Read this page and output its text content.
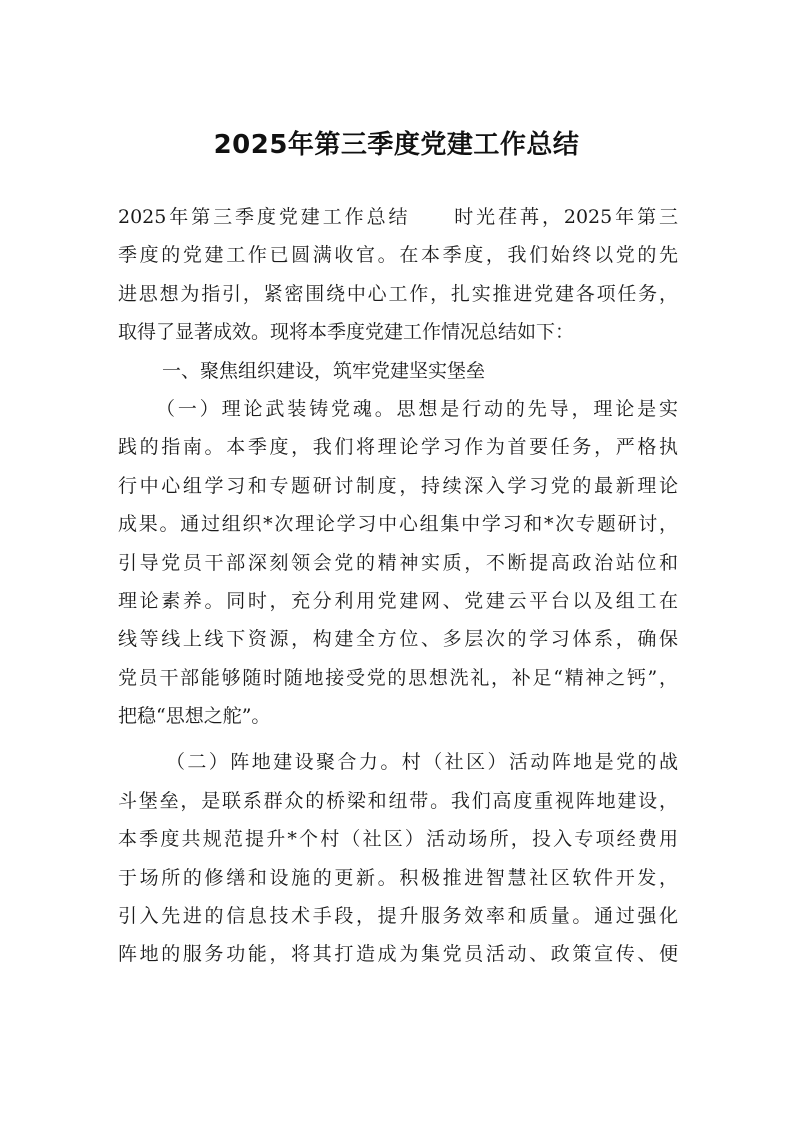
2025年第三季度党建工作总结
2025年第三季度党建工作总结　　时光荏苒，2025年第三
季度的党建工作已圆满收官。在本季度，我们始终以党的先
进思想为指引，紧密围绕中心工作，扎实推进党建各项任务，
取得了显著成效。现将本季度党建工作情况总结如下：
一、聚焦组织建设，筑牢党建坚实堡垒
（一）理论武装铸党魂。思想是行动的先导，理论是实
践的指南。本季度，我们将理论学习作为首要任务，严格执
行中心组学习和专题研讨制度，持续深入学习党的最新理论
成果。通过组织*次理论学习中心组集中学习和*次专题研讨，
引导党员干部深刻领会党的精神实质，不断提高政治站位和
理论素养。同时，充分利用党建网、党建云平台以及组工在
线等线上线下资源，构建全方位、多层次的学习体系，确保
党员干部能够随时随地接受党的思想洗礼，补足“精神之钙”，
把稳“思想之舵”。
（二）阵地建设聚合力。村（社区）活动阵地是党的战
斗堡垒，是联系群众的桥梁和纽带。我们高度重视阵地建设，
本季度共规范提升*个村（社区）活动场所，投入专项经费用
于场所的修缮和设施的更新。积极推进智慧社区软件开发，
引入先进的信息技术手段，提升服务效率和质量。通过强化
阵地的服务功能，将其打造成为集党员活动、政策宣传、便
